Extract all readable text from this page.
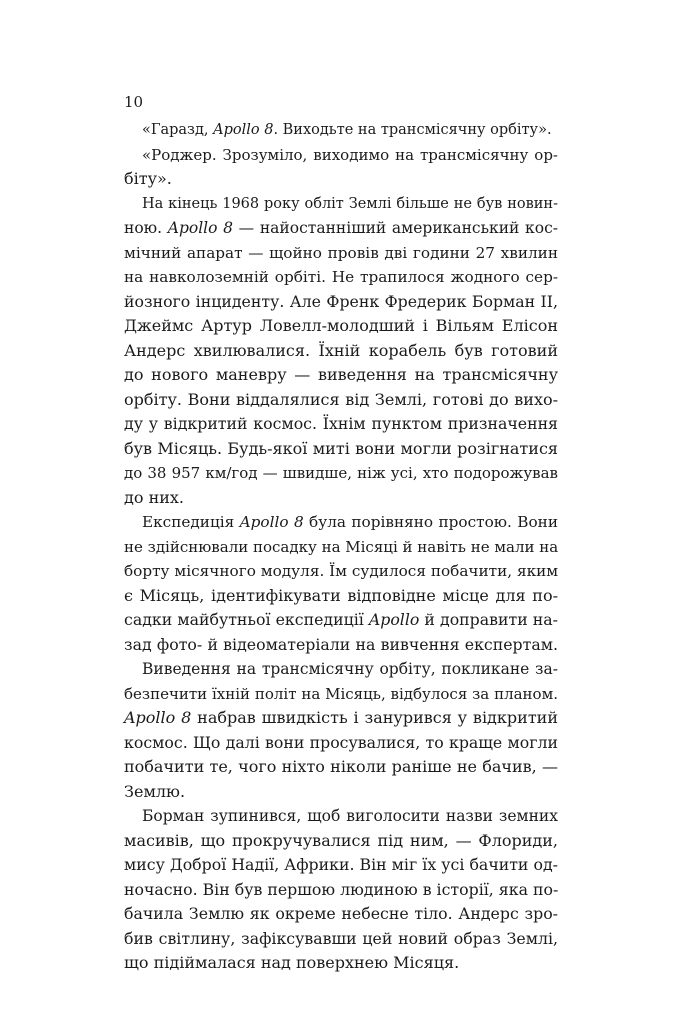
10
«Гаразд, Apollo 8. Виходьте на трансмісячну орбіту».
«Роджер. Зрозуміло, виходимо на трансмісячну ор-
біту».
На кінець 1968 року обліт Землі більше не був новин-
ною. Apollo 8 — найостанніший американський кос-
мічний апарат — щойно провів дві години 27 хвилин
на навколоземній орбіті. Не трапилося жодного сер-
йозного інциденту. Але Френк Фредерик Борман II,
Джеймс Артур Ловелл-молодший і Вільям Елісон
Андерс хвилювалися. Їхній корабель був готовий
до нового маневру — виведення на трансмісячну
орбіту. Вони віддалялися від Землі, готові до вихо-
ду у відкритий космос. Їхнім пунктом призначення
був Місяць. Будь-якої миті вони могли розігнатися
до 38 957 км/год — швидше, ніж усі, хто подорожував
до них.
Експедиція Apollo 8 була порівняно простою. Вони
не здійснювали посадку на Місяці й навіть не мали на
борту місячного модуля. Їм судилося побачити, яким
є Місяць, ідентифікувати відповідне місце для по-
садки майбутньої експедиції Apollo й доправити на-
зад фото- й відеоматеріали на вивчення експертам.
Виведення на трансмісячну орбіту, покликане за-
безпечити їхній політ на Місяць, відбулося за планом.
Apollo 8 набрав швидкість і занурився у відкритий
космос. Що далі вони просувалися, то краще могли
побачити те, чого ніхто ніколи раніше не бачив, —
Землю.
Борман зупинився, щоб виголосити назви земних
масивів, що прокручувалися під ним, — Флориди,
мису Доброї Надії, Африки. Він міг їх усі бачити од-
ночасно. Він був першою людиною в історії, яка по-
бачила Землю як окреме небесне тіло. Андерс зро-
бив світлину, зафіксувавши цей новий образ Землі,
що підіймалася над поверхнею Місяця.
